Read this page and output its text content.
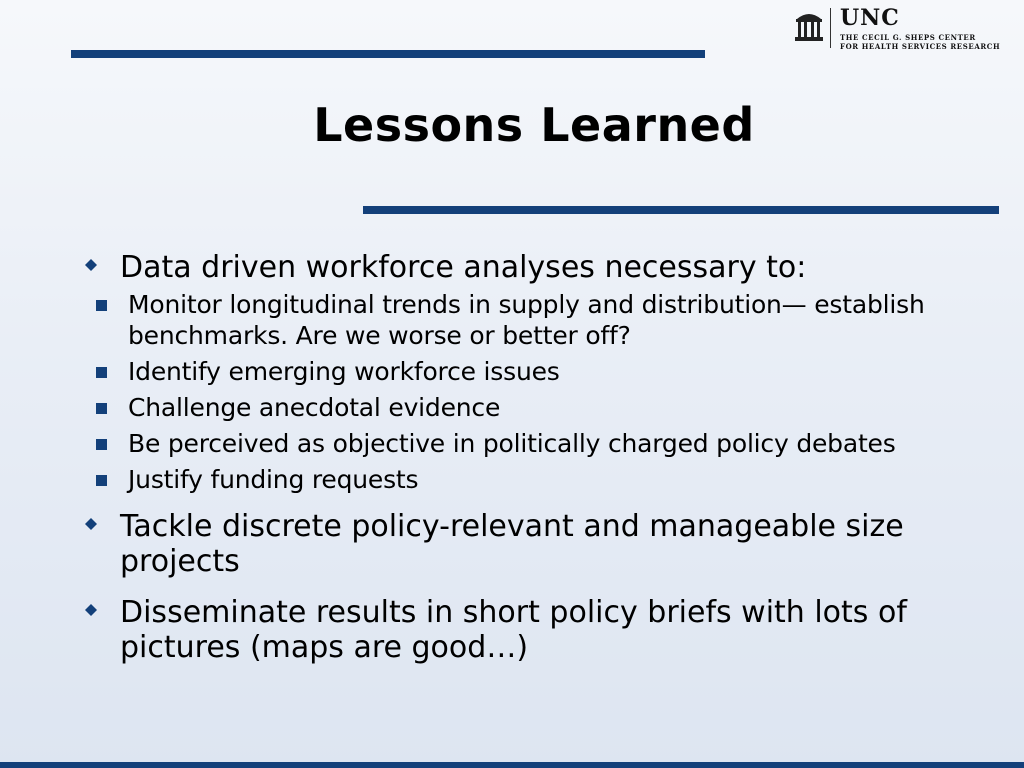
UNC
THE CECIL G. SHEPS CENTER
FOR HEALTH SERVICES RESEARCH
Lessons Learned
Data driven workforce analyses necessary to:
Monitor longitudinal trends in supply and distribution— establish benchmarks. Are we worse or better off?
Identify emerging workforce issues
Challenge anecdotal evidence
Be perceived as objective in politically charged policy debates
Justify funding requests
Tackle discrete policy-relevant and manageable size projects
Disseminate results in short policy briefs with lots of pictures (maps are good…)
